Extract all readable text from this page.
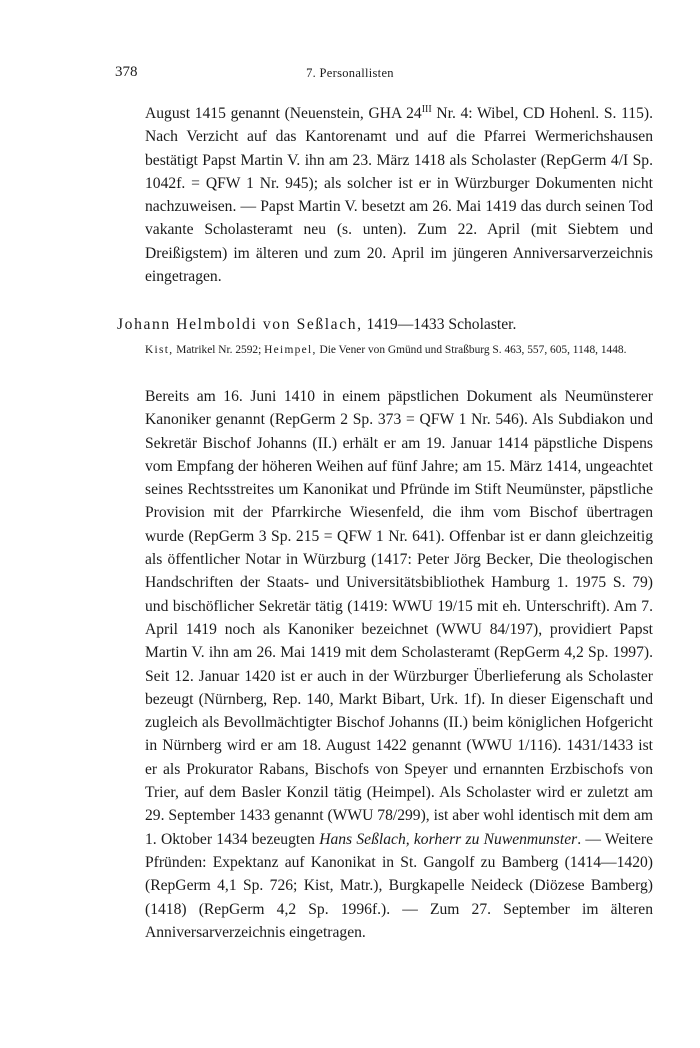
378	7. Personallisten
August 1415 genannt (Neuenstein, GHA $24^{III}$ Nr. 4: Wibel, CD Hohenl. S. 115). Nach Verzicht auf das Kantorenamt und auf die Pfarrei Wermerichshausen bestätigt Papst Martin V. ihn am 23. März 1418 als Scholaster (RepGerm 4/I Sp. 1042f. = QFW 1 Nr. 945); als solcher ist er in Würzburger Dokumenten nicht nachzuweisen. — Papst Martin V. besetzt am 26. Mai 1419 das durch seinen Tod vakante Scholasteramt neu (s. unten). Zum 22. April (mit Siebtem und Dreißigstem) im älteren und zum 20. April im jüngeren Anniversarverzeichnis eingetragen.
Johann Helmboldi von Seßlach, 1419—1433 Scholaster.
Kist, Matrikel Nr. 2592; Heimpel, Die Vener von Gmünd und Straßburg S. 463, 557, 605, 1148, 1448.
Bereits am 16. Juni 1410 in einem päpstlichen Dokument als Neumünsterer Kanoniker genannt (RepGerm 2 Sp. 373 = QFW 1 Nr. 546). Als Subdiakon und Sekretär Bischof Johanns (II.) erhält er am 19. Januar 1414 päpstliche Dispens vom Empfang der höheren Weihen auf fünf Jahre; am 15. März 1414, ungeachtet seines Rechtsstreites um Kanonikat und Pfründe im Stift Neumünster, päpstliche Provision mit der Pfarrkirche Wiesenfeld, die ihm vom Bischof übertragen wurde (RepGerm 3 Sp. 215 = QFW 1 Nr. 641). Offenbar ist er dann gleichzeitig als öffentlicher Notar in Würzburg (1417: Peter Jörg Becker, Die theologischen Handschriften der Staats- und Universitätsbibliothek Hamburg 1. 1975 S. 79) und bischöflicher Sekretär tätig (1419: WWU 19/15 mit eh. Unterschrift). Am 7. April 1419 noch als Kanoniker bezeichnet (WWU 84/197), providiert Papst Martin V. ihn am 26. Mai 1419 mit dem Scholasteramt (RepGerm 4,2 Sp. 1997). Seit 12. Januar 1420 ist er auch in der Würzburger Überlieferung als Scholaster bezeugt (Nürnberg, Rep. 140, Markt Bibart, Urk. 1f). In dieser Eigenschaft und zugleich als Bevollmächtigter Bischof Johanns (II.) beim königlichen Hofgericht in Nürnberg wird er am 18. August 1422 genannt (WWU 1/116). 1431/1433 ist er als Prokurator Rabans, Bischofs von Speyer und ernannten Erzbischofs von Trier, auf dem Basler Konzil tätig (Heimpel). Als Scholaster wird er zuletzt am 29. September 1433 genannt (WWU 78/299), ist aber wohl identisch mit dem am 1. Oktober 1434 bezeugten Hans Seßlach, korherr zu Nuwenmunster. — Weitere Pfründen: Expektanz auf Kanonikat in St. Gangolf zu Bamberg (1414—1420) (RepGerm 4,1 Sp. 726; Kist, Matr.), Burgkapelle Neideck (Diözese Bamberg) (1418) (RepGerm 4,2 Sp. 1996f.). — Zum 27. September im älteren Anniversarverzeichnis eingetragen.
